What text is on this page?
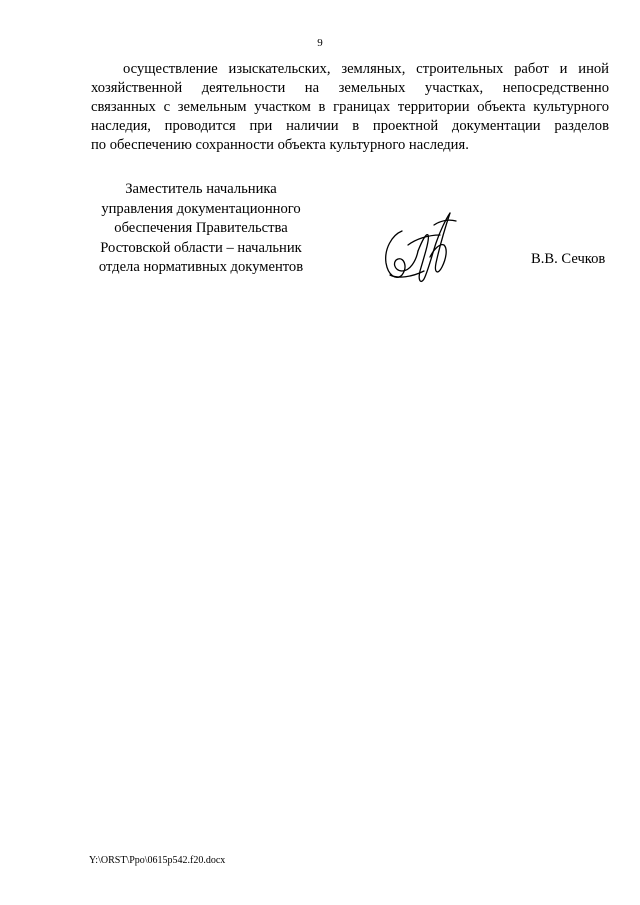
9
осуществление изыскательских, земляных, строительных работ и иной
хозяйственной деятельности на земельных участках, непосредственно
связанных с земельным участком в границах территории объекта культурного
наследия, проводится при наличии в проектной документации разделов
по обеспечению сохранности объекта культурного наследия.
Заместитель начальника
управления документационного
обеспечения Правительства
Ростовской области – начальник
отдела нормативных документов	В.В. Сечков
Y:\ORST\Ppo\0615p542.f20.docx
